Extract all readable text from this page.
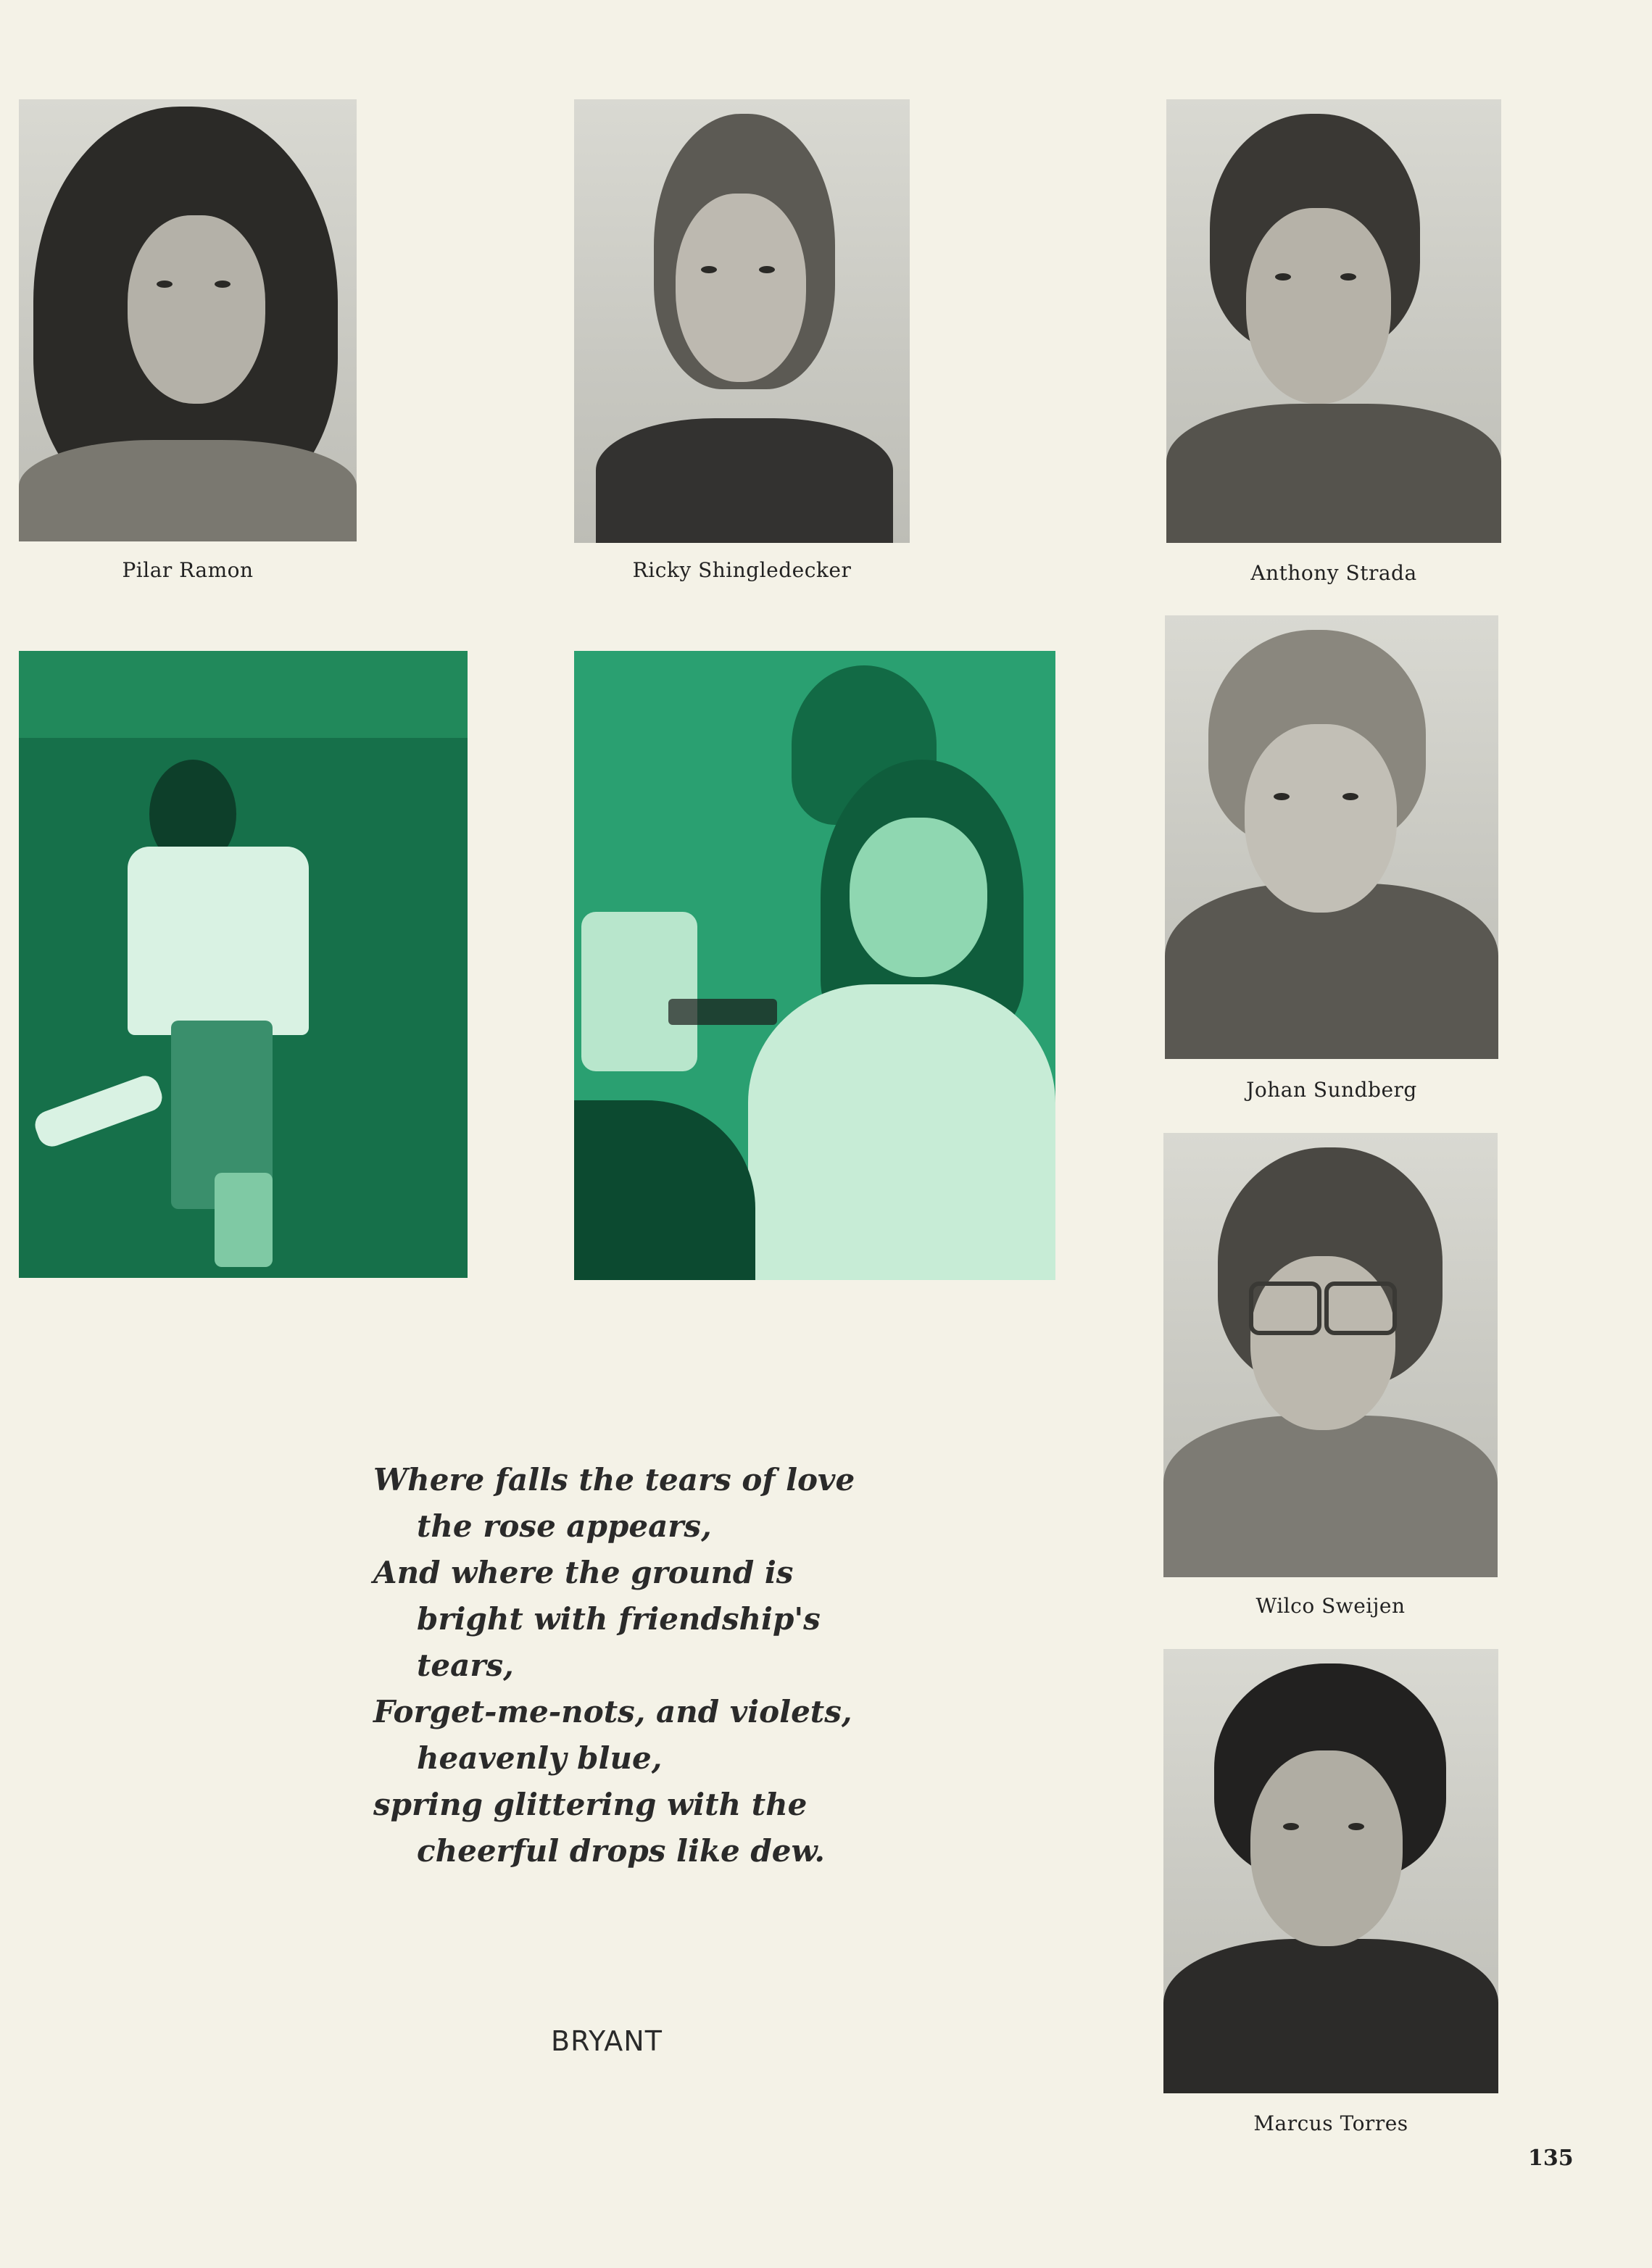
Pilar Ramon	Ricky Shingledecker	Anthony Strada
Johan Sundberg
Wilco Sweijen
Marcus Torres
Where falls the tears of love
the rose appears,
And where the ground is
bright with friendship's
tears,
Forget-me-nots, and violets,
heavenly blue,
spring glittering with the
cheerful drops like dew.
BRYANT
135
